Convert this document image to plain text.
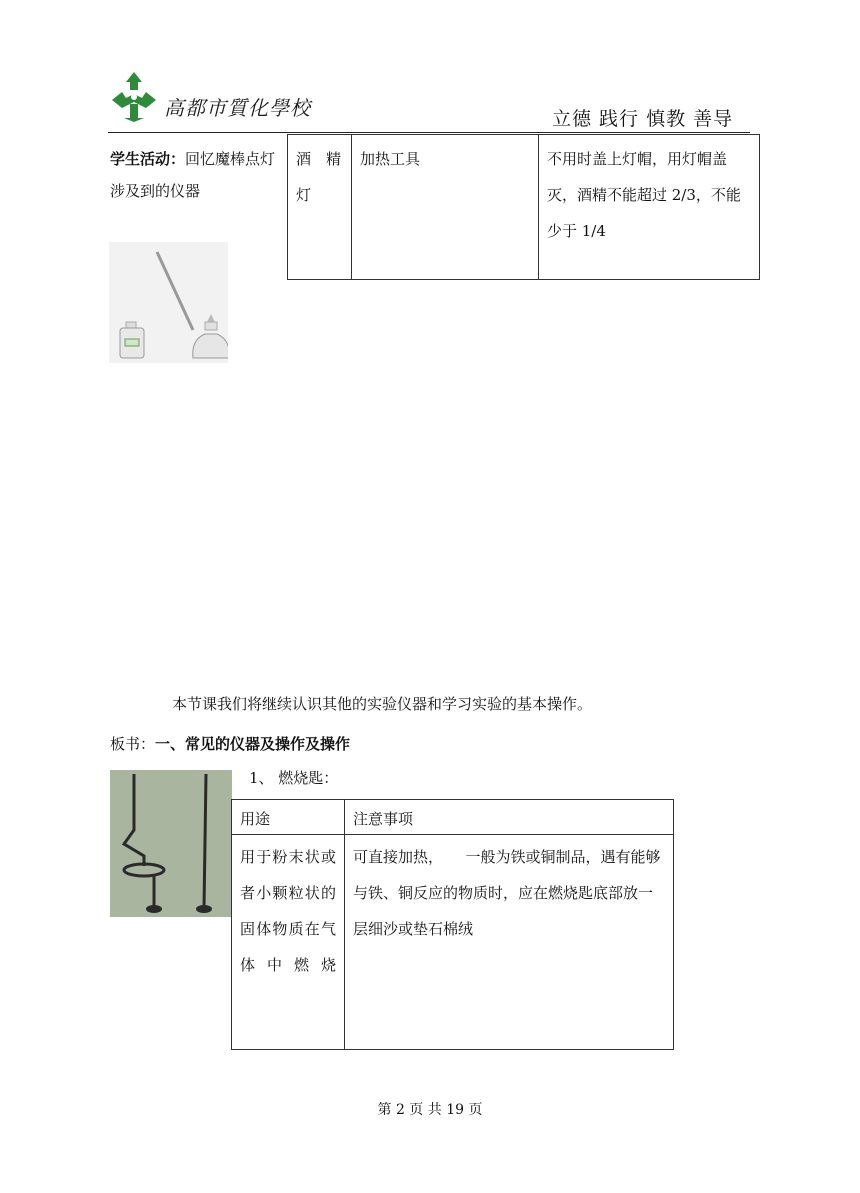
高都市質化學校	立德 践行 慎教 善导
学生活动：回忆魔棒点灯涉及到的仪器
酒　精　灯	加热工具	不用时盖上灯帽，用灯帽盖灭，酒精不能超过 2/3，不能少于 1/4
本节课我们将继续认识其他的实验仪器和学习实验的基本操作。
板书：一、常见的仪器及操作及操作
1、 燃烧匙：
用途	注意事项
用于粉末状或者小颗粒状的固体物质在气体中燃烧	可直接加热，　　一般为铁或铜制品，遇有能够与铁、铜反应的物质时，应在燃烧匙底部放一层细沙或垫石棉绒
第 2 页 共 19 页
